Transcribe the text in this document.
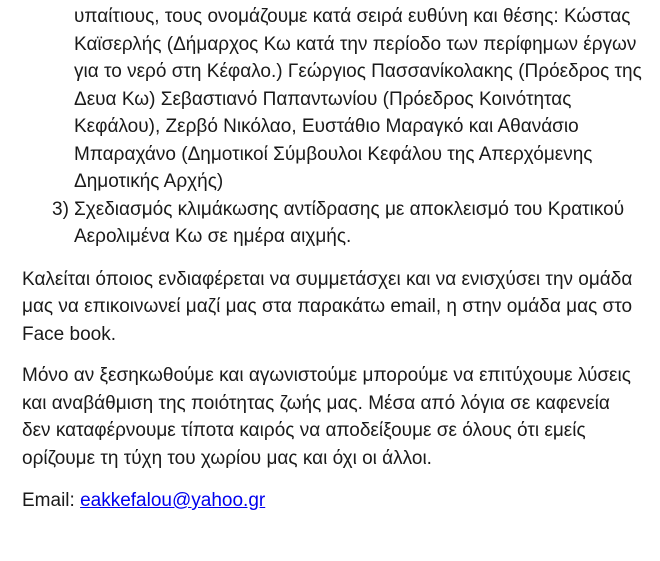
υπαίτιους, τους ονομάζουμε κατά σειρά ευθύνη και θέσης: Κώστας Καϊσερλής (Δήμαρχος Κω κατά την περίοδο των περίφημων έργων για το νερό στη Κέφαλο.) Γεώργιος Πασσανίκολακης (Πρόεδρος της Δευα Κω) Σεβαστιανό Παπαντωνίου (Πρόεδρος Κοινότητας Κεφάλου), Ζερβό Νικόλαο, Ευστάθιο Μαραγκό και Αθανάσιο Μπαραχάνο (Δημοτικοί Σύμβουλοι Κεφάλου της Απερχόμενης Δημοτικής Αρχής)
3) Σχεδιασμός κλιμάκωσης αντίδρασης με αποκλεισμό του Κρατικού Αερολιμένα Κω σε ημέρα αιχμής.

Καλείται όποιος ενδιαφέρεται να συμμετάσχει και να ενισχύσει την ομάδα μας να επικοινωνεί μαζί μας στα παρακάτω email, η στην ομάδα μας στο Face book.

Μόνο αν ξεσηκωθούμε και αγωνιστούμε μπορούμε να επιτύχουμε λύσεις και αναβάθμιση της ποιότητας ζωής μας. Μέσα από λόγια σε καφενεία δεν καταφέρνουμε τίποτα καιρός να αποδείξουμε σε όλους ότι εμείς ορίζουμε τη τύχη του χωρίου μας και όχι οι άλλοι.

Email: eakkefalou@yahoo.gr
